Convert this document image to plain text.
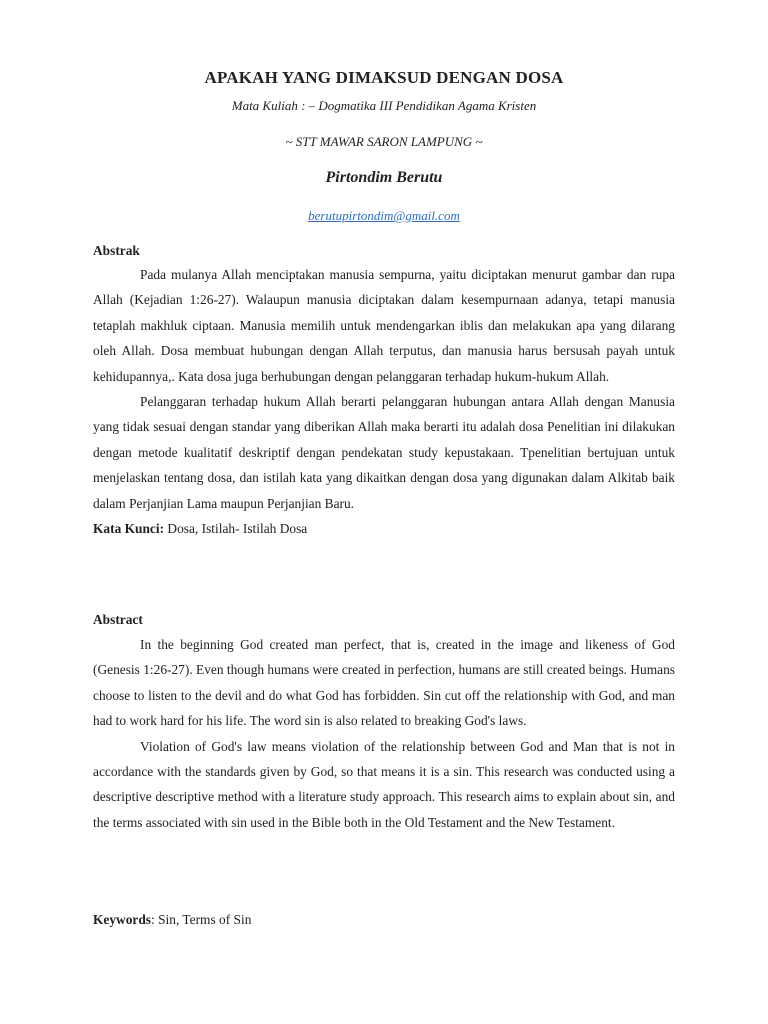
APAKAH YANG DIMAKSUD DENGAN DOSA
Mata Kuliah : – Dogmatika III Pendidikan Agama Kristen
~ STT MAWAR SARON LAMPUNG ~
Pirtondim Berutu
berutupirtondim@gmail.com
Abstrak

Pada mulanya Allah menciptakan manusia sempurna, yaitu diciptakan menurut gambar dan rupa Allah (Kejadian 1:26-27). Walaupun manusia diciptakan dalam kesempurnaan adanya, tetapi manusia tetaplah makhluk ciptaan. Manusia memilih untuk mendengarkan iblis dan melakukan apa yang dilarang oleh Allah. Dosa membuat hubungan dengan Allah terputus, dan manusia harus bersusah payah untuk kehidupannya,. Kata dosa juga berhubungan dengan pelanggaran terhadap hukum-hukum Allah.

Pelanggaran terhadap hukum Allah berarti pelanggaran hubungan antara Allah dengan Manusia yang tidak sesuai dengan standar yang diberikan Allah maka berarti itu adalah dosa Penelitian ini dilakukan dengan metode kualitatif deskriptif dengan pendekatan study kepustakaan. Tpenelitian bertujuan untuk menjelaskan tentang dosa, dan istilah kata yang dikaitkan dengan dosa yang digunakan dalam Alkitab baik dalam Perjanjian Lama maupun Perjanjian Baru.

Kata Kunci: Dosa, Istilah- Istilah Dosa

Abstract

In the beginning God created man perfect, that is, created in the image and likeness of God (Genesis 1:26-27). Even though humans were created in perfection, humans are still created beings. Humans choose to listen to the devil and do what God has forbidden. Sin cut off the relationship with God, and man had to work hard for his life. The word sin is also related to breaking God's laws.

Violation of God's law means violation of the relationship between God and Man that is not in accordance with the standards given by God, so that means it is a sin. This research was conducted using a descriptive descriptive method with a literature study approach. This research aims to explain about sin, and the terms associated with sin used in the Bible both in the Old Testament and the New Testament.

Keywords: Sin, Terms of Sin
